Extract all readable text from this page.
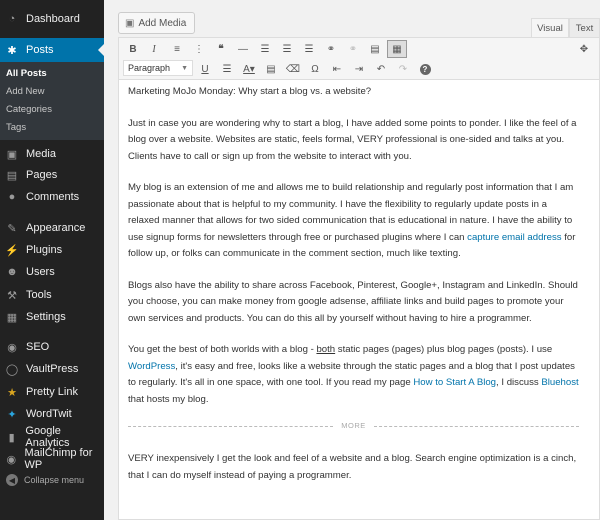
◔ Dashboard
✱ Posts
All Posts
Add New
Categories
Tags
▣ Media
▤ Pages
● Comments
✎ Appearance
⚡ Plugins
☻ Users
⚒ Tools
▦ Settings
◉ SEO
◯ VaultPress
★ Pretty Link
✦ WordTwit
▮
Google Analytics
◉
MailChimp for WP
◀ Collapse menu
▣ Add Media	Visual	Text
B	I	≡	⋮	❝	—	☰	☰	☰	⚭	⚭	▤	▦	✥
Paragraph ▼	U	☰	A▾	▤	⌫	Ω	⇤	⇥	↶	↷	?

Marketing MoJo Monday: Why start a blog vs. a website?

Just in case you are wondering why to start a blog, I have added some points to ponder. I like the feel of a blog over a website. Websites are static, feels formal, VERY professional is one-sided and talks at you. Clients have to call or sign up from the website to interact with you.

My blog is an extension of me and allows me to build relationship and regularly post information that I am passionate about that is helpful to my community. I have the flexibility to regularly update posts in a relaxed manner that allows for two sided communication that is educational in nature. I have the ability to use signup forms for newsletters through free or purchased plugins where I can capture email address for follow up, or folks can communicate in the comment section, much like texting.

Blogs also have the ability to share across Facebook, Pinterest, Google+, Instagram and LinkedIn. Should you choose, you can make money from google adsense, affiliate links and build pages to promote your own services and products. You can do this all by yourself without having to hire a programmer.

You get the best of both worlds with a blog - both static pages (pages) plus blog pages (posts). I use WordPress, it's easy and free, looks like a website through the static pages and a blog that I post updates to regularly. It's all in one space, with one tool. If you read my page How to Start A Blog, I discuss Bluehost that hosts my blog.

MORE

VERY inexpensively I get the look and feel of a website and a blog. Search engine optimization is a cinch, that I can do myself instead of paying a programmer.
